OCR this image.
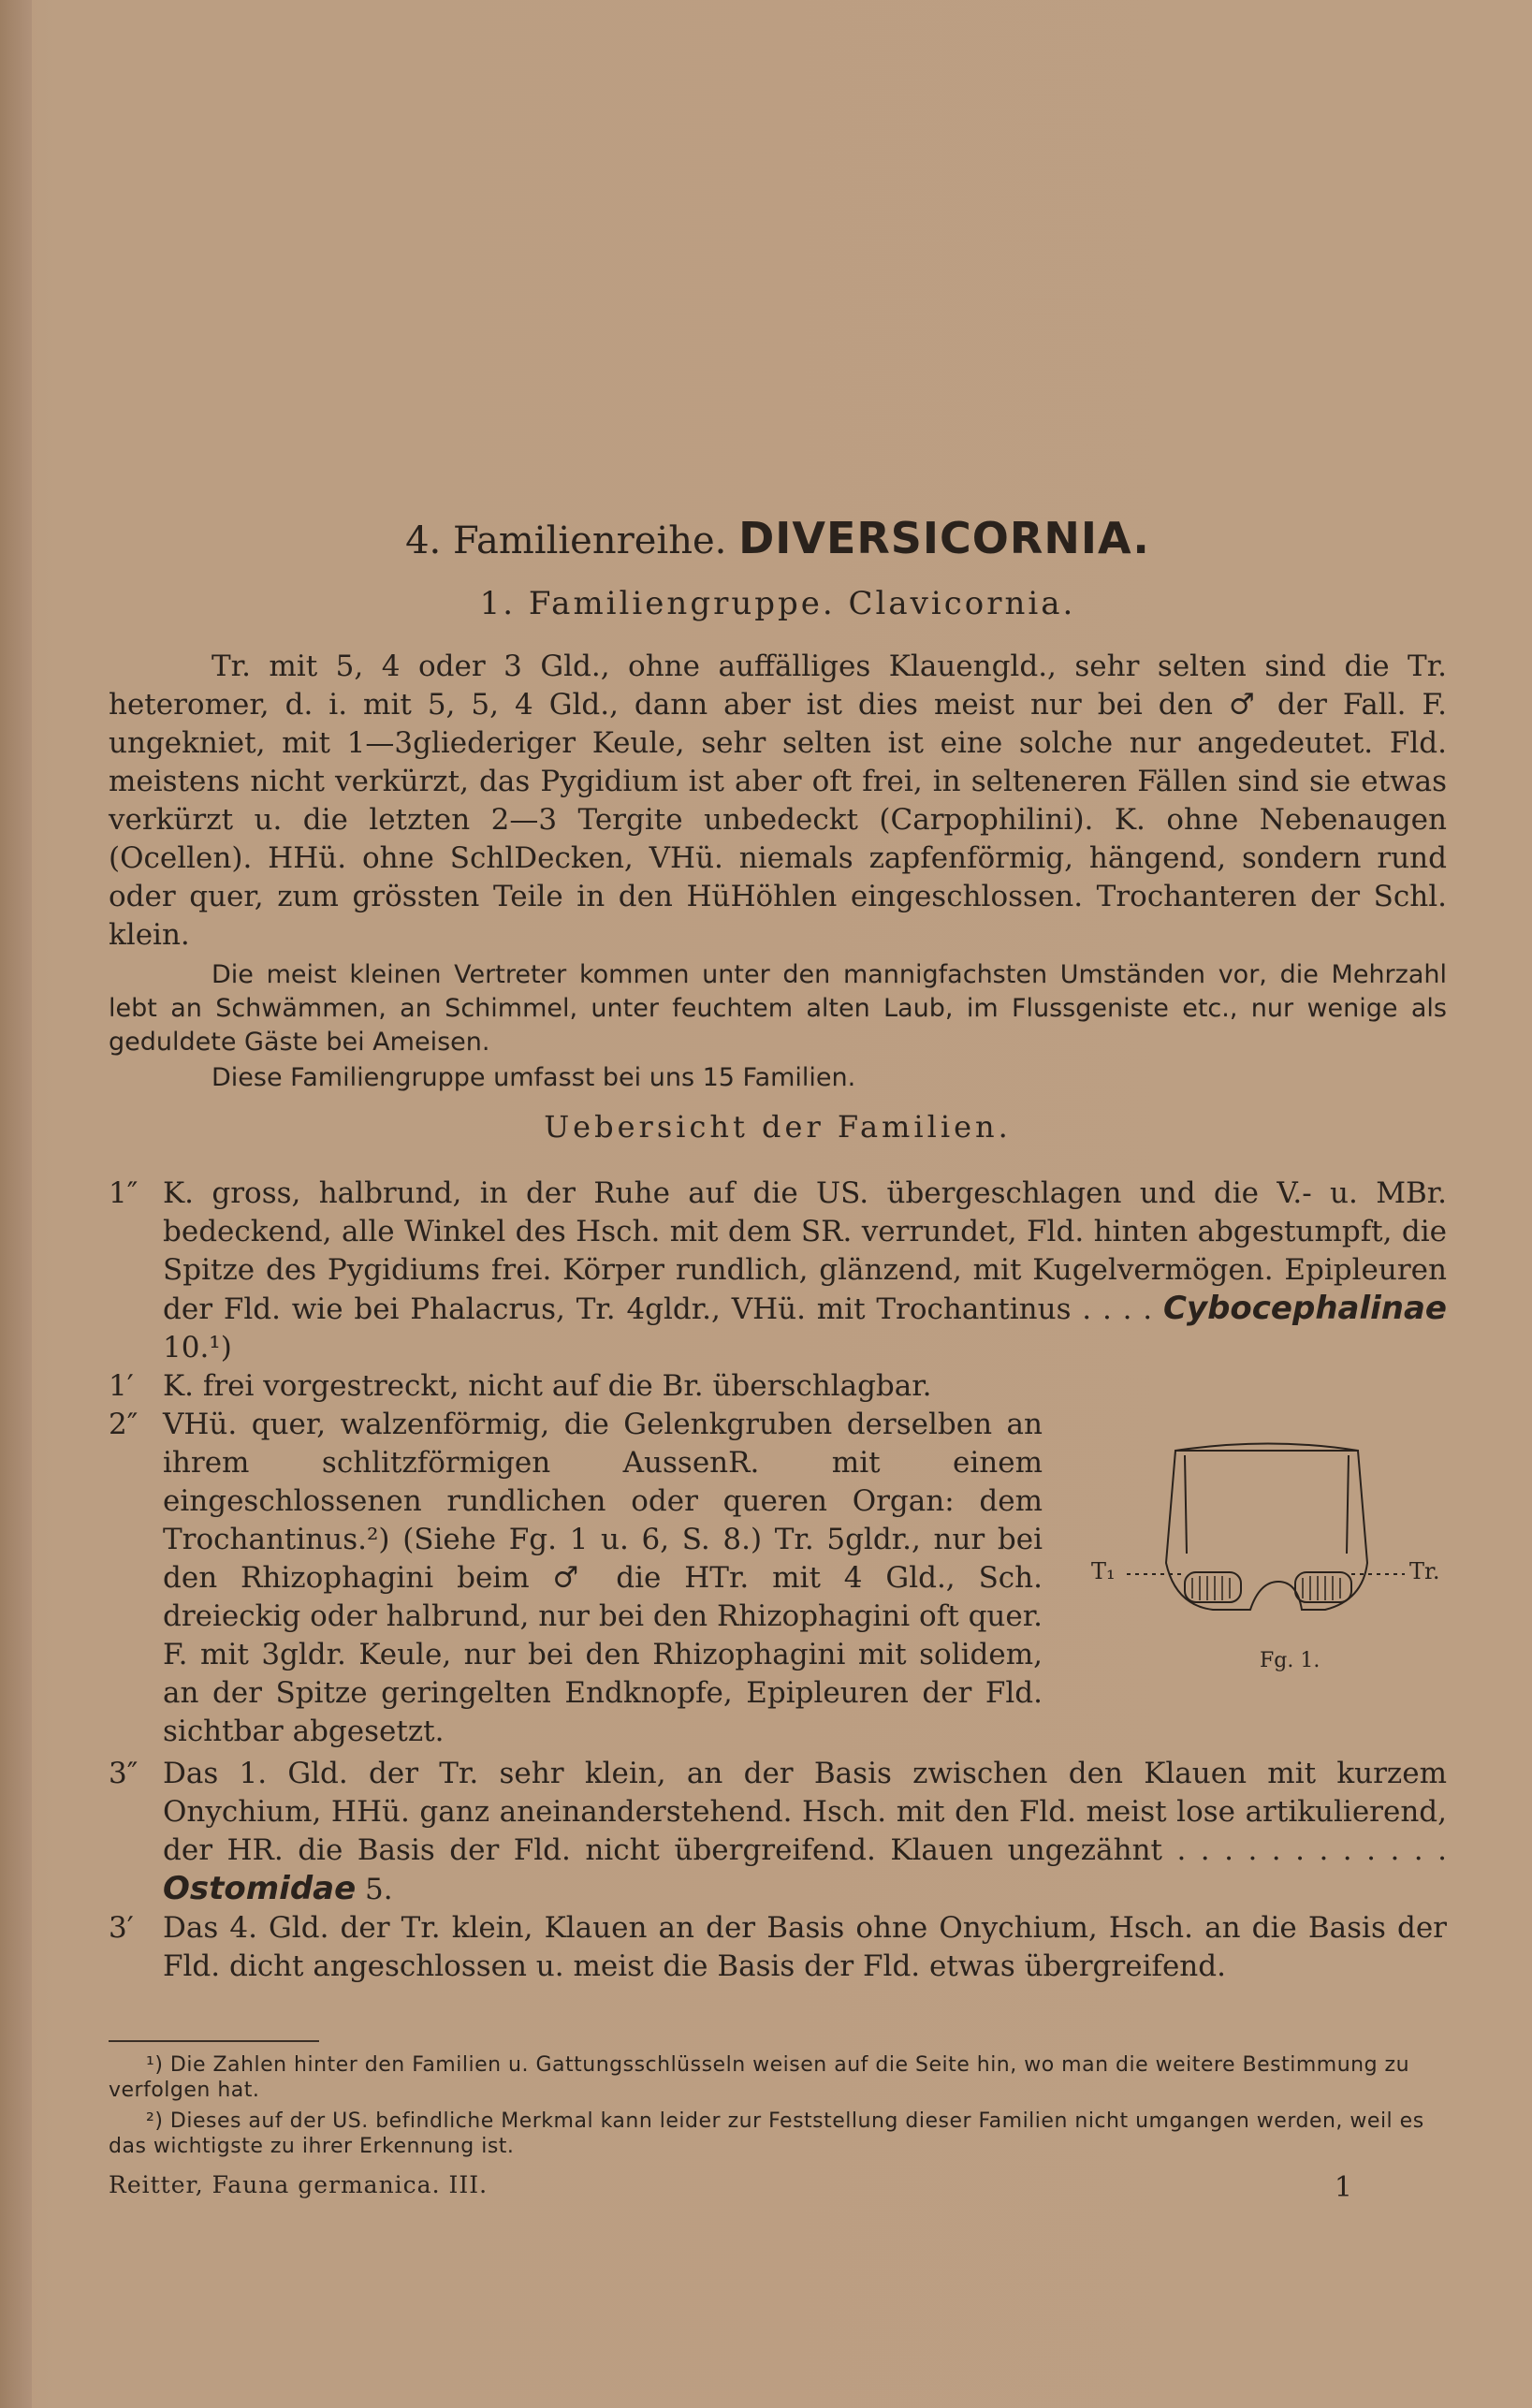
4. Familienreihe. DIVERSICORNIA.
1. Familiengruppe. Clavicornia.
Tr. mit 5, 4 oder 3 Gld., ohne auffälliges Klauengld., sehr selten sind die Tr. heteromer, d. i. mit 5, 5, 4 Gld., dann aber ist dies meist nur bei den ♂ der Fall. F. ungekniet, mit 1—3gliederiger Keule, sehr selten ist eine solche nur angedeutet. Fld. meistens nicht verkürzt, das Pygidium ist aber oft frei, in selteneren Fällen sind sie etwas verkürzt u. die letzten 2—3 Tergite unbedeckt (Carpophilini). K. ohne Nebenaugen (Ocellen). HHü. ohne SchlDecken, VHü. niemals zapfenförmig, hängend, sondern rund oder quer, zum grössten Teile in den HüHöhlen eingeschlossen. Trochanteren der Schl. klein.
Die meist kleinen Vertreter kommen unter den mannigfachsten Umständen vor, die Mehrzahl lebt an Schwämmen, an Schimmel, unter feuchtem alten Laub, im Flussgeniste etc., nur wenige als geduldete Gäste bei Ameisen.
Diese Familiengruppe umfasst bei uns 15 Familien.
Uebersicht der Familien.
1″ K. gross, halbrund, in der Ruhe auf die US. übergeschlagen und die V.- u. MBr. bedeckend, alle Winkel des Hsch. mit dem SR. verrundet, Fld. hinten abgestumpft, die Spitze des Pygidiums frei. Körper rundlich, glänzend, mit Kugelvermögen. Epipleuren der Fld. wie bei Phalacrus, Tr. 4gldr., VHü. mit Trochantinus . . . . Cybocephalinae 10.¹)
1′	K. frei vorgestreckt, nicht auf die Br. überschlagbar.
2″ VHü. quer, walzenförmig, die Gelenkgruben derselben an ihrem schlitzförmigen AussenR. mit einem eingeschlossenen rundlichen oder queren Organ: dem Trochantinus.²) (Siehe Fg. 1 u. 6, S. 8.) Tr. 5gldr., nur bei den Rhizophagini beim ♂ die HTr. mit 4 Gld., Sch. dreieckig oder halbrund, nur bei den Rhizophagini oft quer. F. mit 3gldr. Keule, nur bei den Rhizophagini mit solidem, an der Spitze geringelten Endknopfe, Epipleuren der Fld. sichtbar abgesetzt.
T₁	Tr.
Fg. 1.
3″ Das 1. Gld. der Tr. sehr klein, an der Basis zwischen den Klauen mit kurzem Onychium, HHü. ganz aneinanderstehend. Hsch. mit den Fld. meist lose artikulierend, der HR. die Basis der Fld. nicht übergreifend. Klauen ungezähnt . . . . . . . . . . . . Ostomidae 5.
3′	Das 4. Gld. der Tr. klein, Klauen an der Basis ohne Onychium, Hsch. an die Basis der Fld. dicht angeschlossen u. meist die Basis der Fld. etwas übergreifend.
¹) Die Zahlen hinter den Familien u. Gattungsschlüsseln weisen auf die Seite hin, wo man die weitere Bestimmung zu verfolgen hat.
²) Dieses auf der US. befindliche Merkmal kann leider zur Feststellung dieser Familien nicht umgangen werden, weil es das wichtigste zu ihrer Erkennung ist.
Reitter, Fauna germanica. III.	1
